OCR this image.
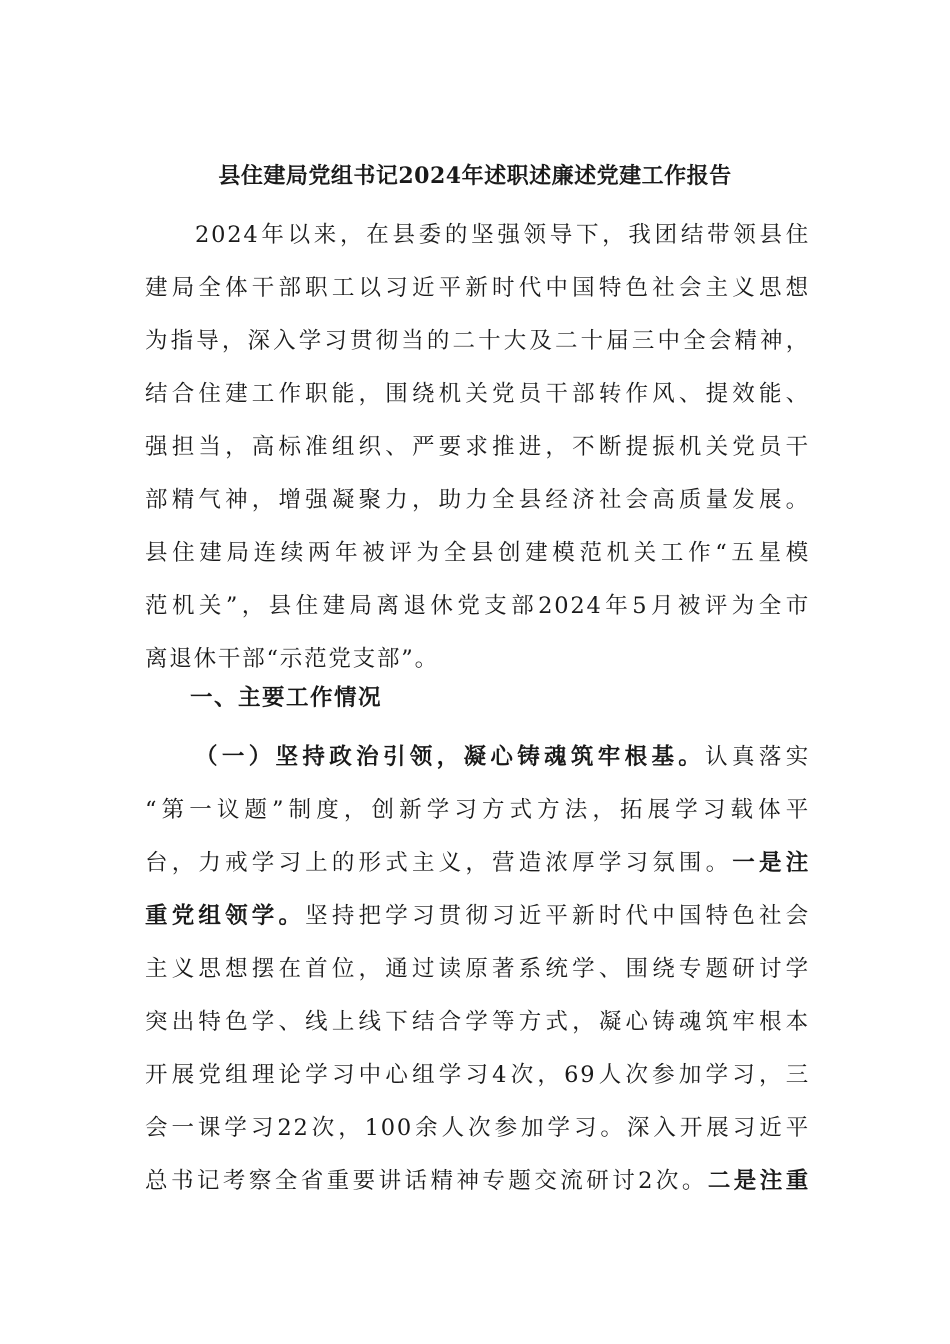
县住建局党组书记2024年述职述廉述党建工作报告
2024年以来，在县委的坚强领导下，我团结带领县住
建局全体干部职工以习近平新时代中国特色社会主义思想
为指导，深入学习贯彻当的二十大及二十届三中全会精神，
结合住建工作职能，围绕机关党员干部转作风、提效能、
强担当，高标准组织、严要求推进，不断提振机关党员干
部精气神，增强凝聚力，助力全县经济社会高质量发展。
县住建局连续两年被评为全县创建模范机关工作“五星模
范机关”，县住建局离退休党支部2024年5月被评为全市
离退休干部“示范党支部”。
一、主要工作情况
（一）坚持政治引领，凝心铸魂筑牢根基。认真落实
“第一议题”制度，创新学习方式方法，拓展学习载体平
台，力戒学习上的形式主义，营造浓厚学习氛围。一是注
重党组领学。坚持把学习贯彻习近平新时代中国特色社会
主义思想摆在首位，通过读原著系统学、围绕专题研讨学
突出特色学、线上线下结合学等方式，凝心铸魂筑牢根本
开展党组理论学习中心组学习4次，69人次参加学习，三
会一课学习22次，100余人次参加学习。深入开展习近平
总书记考察全省重要讲话精神专题交流研讨2次。二是注重
